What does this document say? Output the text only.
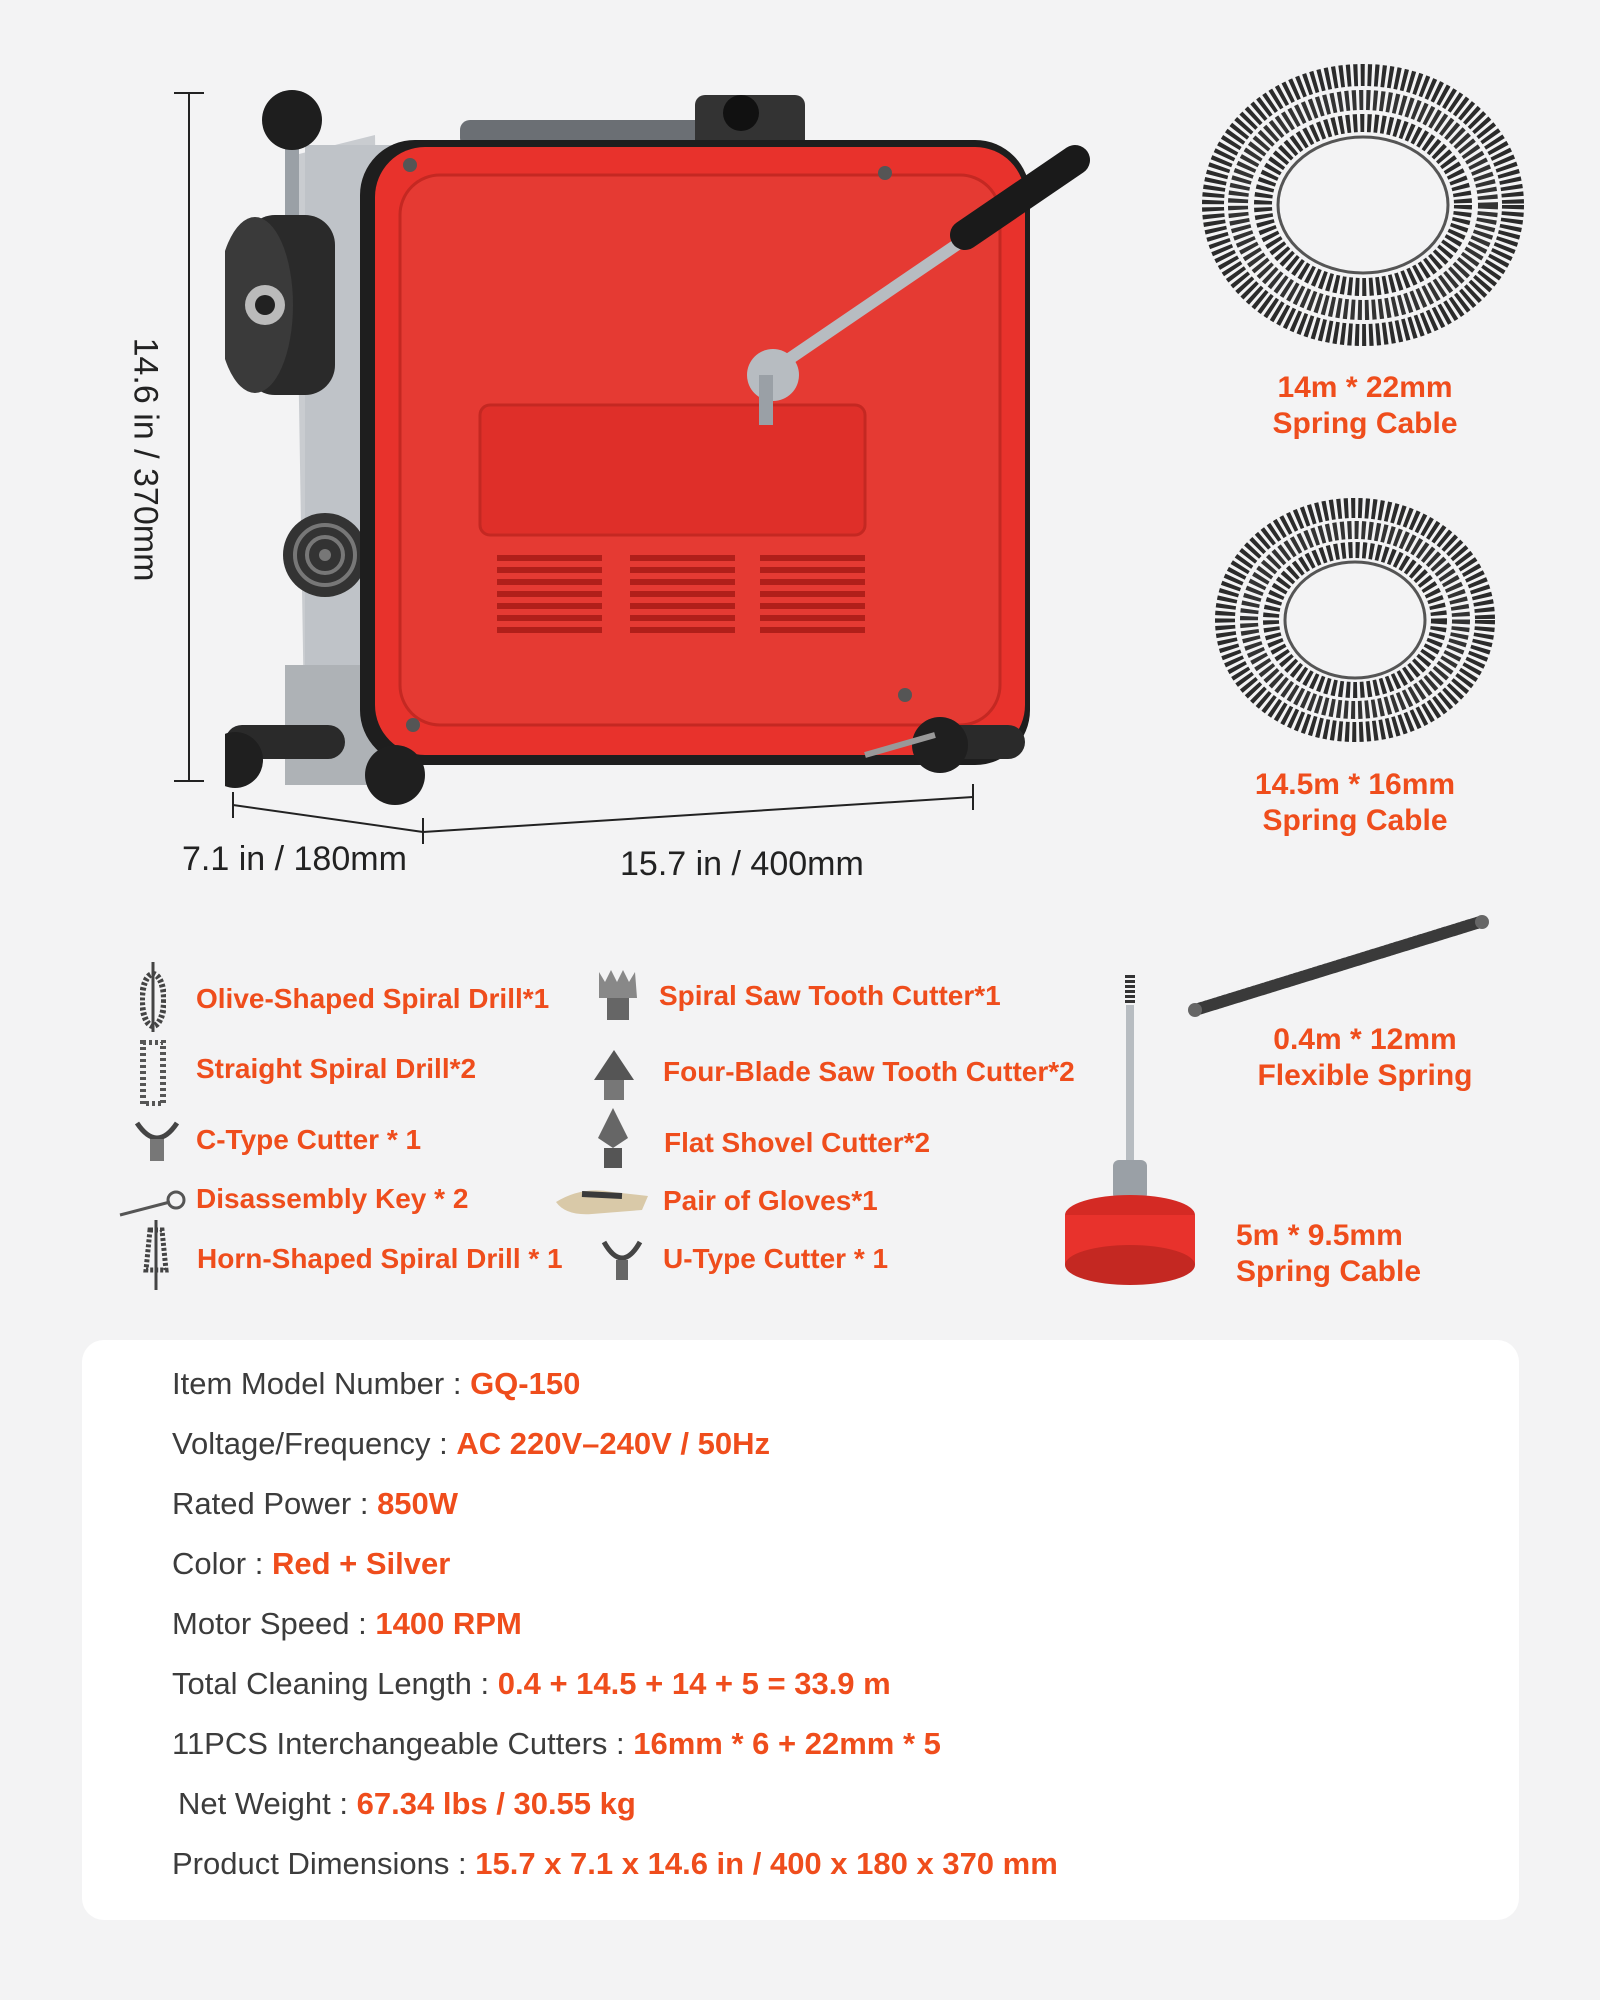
14.6 in / 370mm
7.1 in / 180mm	15.7 in / 400mm
14m * 22mm
Spring Cable
14.5m * 16mm
Spring Cable
0.4m * 12mm
Flexible Spring
5m * 9.5mm
Spring Cable
Olive-Shaped Spiral Drill*1
Straight Spiral Drill*2
C-Type Cutter * 1
Disassembly Key * 2
Horn-Shaped Spiral Drill * 1
Spiral Saw Tooth Cutter*1
Four-Blade Saw Tooth Cutter*2
Flat Shovel Cutter*2
Pair of Gloves*1
U-Type Cutter * 1
Item Model Number : GQ-150
Voltage/Frequency : AC 220V–240V / 50Hz
Rated Power : 850W
Color : Red + Silver
Motor Speed : 1400 RPM
Total Cleaning Length : 0.4 + 14.5 + 14 + 5 = 33.9 m
11PCS Interchangeable Cutters : 16mm * 6 + 22mm * 5
Net Weight : 67.34 lbs / 30.55 kg
Product Dimensions : 15.7 x 7.1 x 14.6 in / 400 x 180 x 370 mm
